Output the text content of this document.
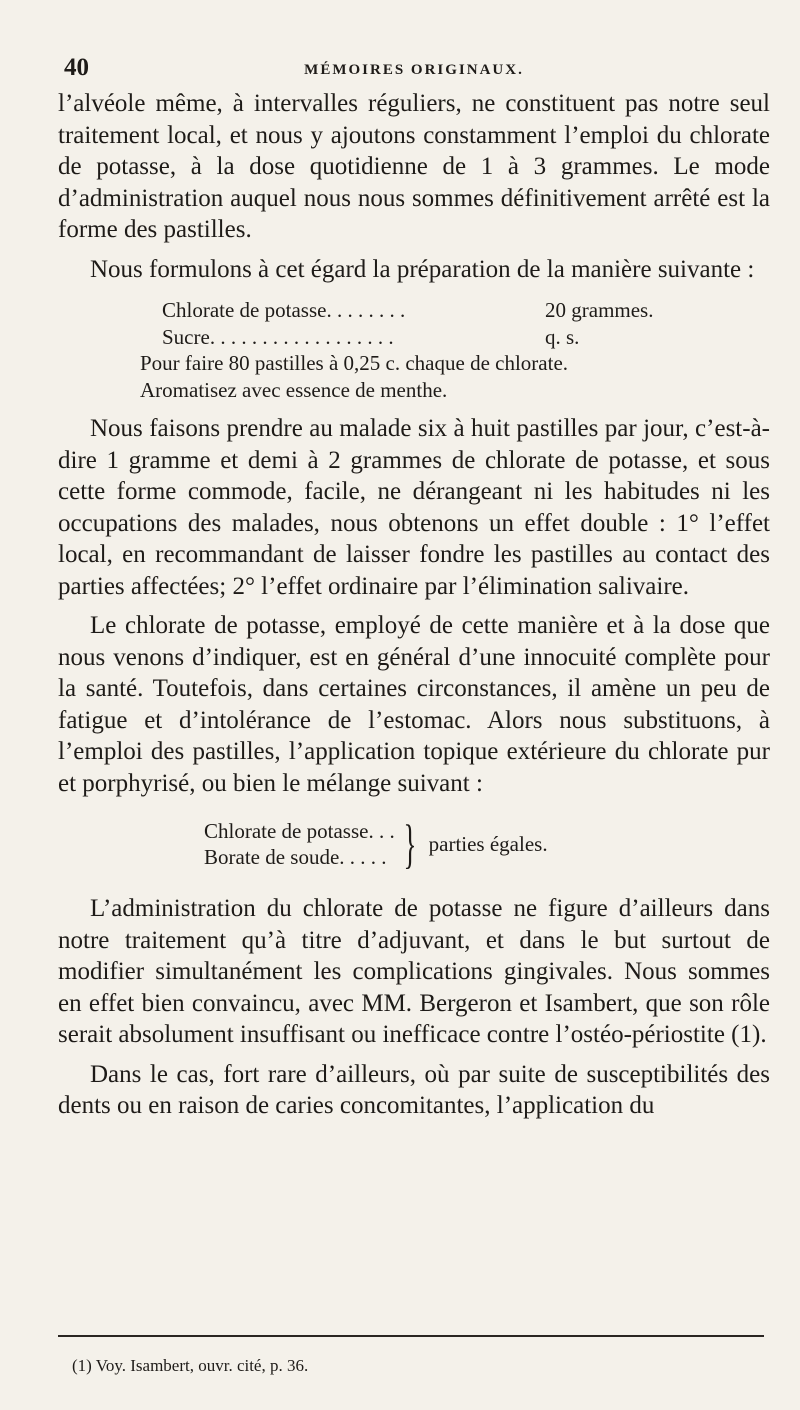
40	MÉMOIRES ORIGINAUX.

l’alvéole même, à intervalles réguliers, ne constituent pas notre seul traitement local, et nous y ajoutons constamment l’emploi du chlorate de potasse, à la dose quotidienne de 1 à 3 grammes. Le mode d’administration auquel nous nous sommes définitivement arrêté est la forme des pastilles.

Nous formulons à cet égard la préparation de la manière suivante :

Chlorate de potasse. . . . . . . .	20 grammes.
Sucre. . . . . . . . . . . . . . . . . .	q. s.
Pour faire 80 pastilles à 0,25 c. chaque de chlorate.
Aromatisez avec essence de menthe.

Nous faisons prendre au malade six à huit pastilles par jour, c’est-à-dire 1 gramme et demi à 2 grammes de chlorate de potasse, et sous cette forme commode, facile, ne dérangeant ni les habitudes ni les occupations des malades, nous obtenons un effet double : 1° l’effet local, en recommandant de laisser fondre les pastilles au contact des parties affectées; 2° l’effet ordinaire par l’élimination salivaire.

Le chlorate de potasse, employé de cette manière et à la dose que nous venons d’indiquer, est en général d’une innocuité complète pour la santé. Toutefois, dans certaines circonstances, il amène un peu de fatigue et d’intolérance de l’estomac. Alors nous substituons, à l’emploi des pastilles, l’application topique extérieure du chlorate pur et porphyrisé, ou bien le mélange suivant :

Chlorate de potasse. . .
Borate de soude. . . . . } parties égales.

L’administration du chlorate de potasse ne figure d’ailleurs dans notre traitement qu’à titre d’adjuvant, et dans le but surtout de modifier simultanément les complications gingivales. Nous sommes en effet bien convaincu, avec MM. Bergeron et Isambert, que son rôle serait absolument insuffisant ou inefficace contre l’ostéo-périostite (1).

Dans le cas, fort rare d’ailleurs, où par suite de susceptibilités des dents ou en raison de caries concomitantes, l’application du

(1) Voy. Isambert, ouvr. cité, p. 36.
